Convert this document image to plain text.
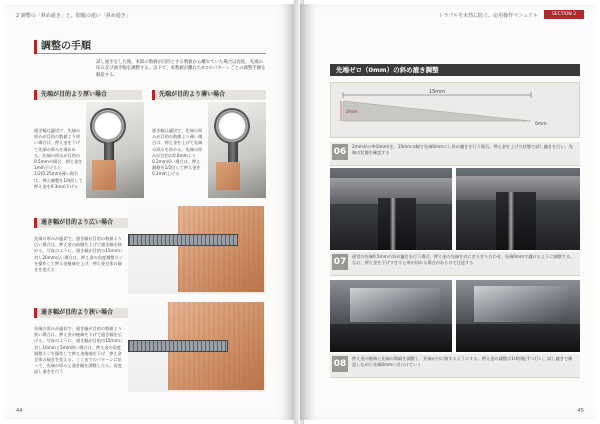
2 調整の「斜め通き」と、問題の違い「斜め通き」
調整の手順
試し通きをした後、本節の数値が目的とする数値から離れていた場合は再度、先端の厚み及び通き幅を調整する。以下で、本数値が離れた4つのパターンごとの調整手順を解説する。
先端が目的より厚い場合
通き幅は適切で、先端の厚みが目的の数値より厚い場合は、押え金を下げて先端の厚みを薄めれる。先端の厚みが目的の0.5mmの場合、押え金を1mm下げると1/2(0.25mm)薄い場合は、押え調整を1/4回して押え金を0.3mm下げる
先端が目的より薄い場合
通き幅は適切で、先端の厚みが目的の数値より薄い場合は、押え金を上げて先端の厚みを厚める。先端の厚みが目的の0.6mmより0.2mm厚い場合は、押え調整を1/2回して押え金を0.2mm上げる
通き幅が目的より広い場合
先端の厚みが適切で、通き幅が目的の数値より広い場合は、押え金の前側を上げて通き幅を狭める。写真のように、通き幅が目的の15mmに対し20mm広い場合は、押え金の角度調整ネジを操作して押え金後端を上げ、押え金全体の傾きを変える
通き幅が目的より狭い場合
先端の厚みが適切で、通き幅が目的の数値より狭い場合は、押え金の後端を下げて通き幅を広げる。写真のように、通き幅が目的の15mmに対し10mmと5mm狭い場合は、押え金の角度調整ネジを操作して押え金後端を下げ、押え金全体の傾きを変える。ここまでのパターンに沿って、先端の厚みと通き幅を調整したら、再度試し通きを行う
44
トラブルを未然に防ぐ、応用操作マニュアル	SECTION 2
先端ゼロ（0mm）の斜め漉き調整
15mm
2mm
0mm
06
2mm厚の革(0mm)を、15mmの幅で先端0mmにし斜め漉きを行う場合。押え金を上げた状態で試し漉きを行い、先端の状態を確認する
07
通常の先端0.5mmの斜め漉きを行う場合、押え金の先端を刃にぎりぎり合わせ、先端0mmで漉けるように調整する。なお、押え金を下げすぎると革が切れる場合があるので注意する
08
押え金の後端と先端の間隔を調整し、先端が刃に接するようにする。押え金の調整は1/4回転ずつ行い、試し漉きで確認しながら先端0mmに近づけていく
45
